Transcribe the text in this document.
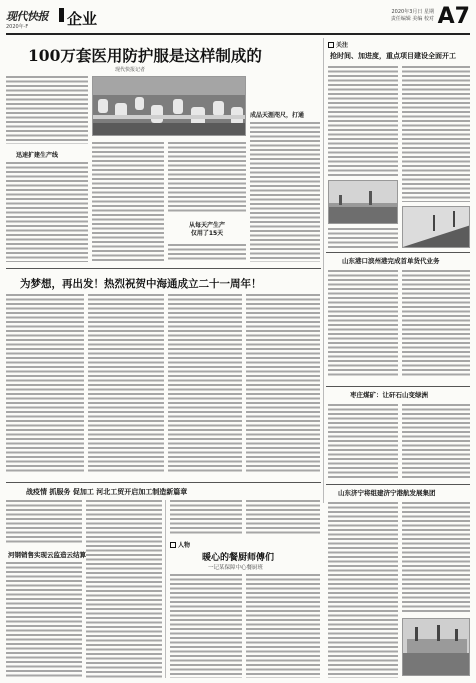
现代快报
2020年·F	企业	2020年3月日 星期
责任编辑 美编 校对 A7
100万套医用防护服是这样制成的
现代快报记者
迅速扩建生产线
从每天产生产
仅用了15天
成品天涯咫尺，打通
为梦想，再出发！热烈祝贺中海通成立二十一周年！
战疫情 抓服务 促加工 河北工贸开启加工制造新篇章
河钢销售实现云监造云结算
人物
暖心的餐厨师傅们
一记某保障中心餐厨班
关注
抢时间、加进度，重点项目建设全面开工
山东港口滨州港完成首单货代业务
枣庄煤矿：让矸石山变绿洲
山东济宁将组建济宁港航发展集团
